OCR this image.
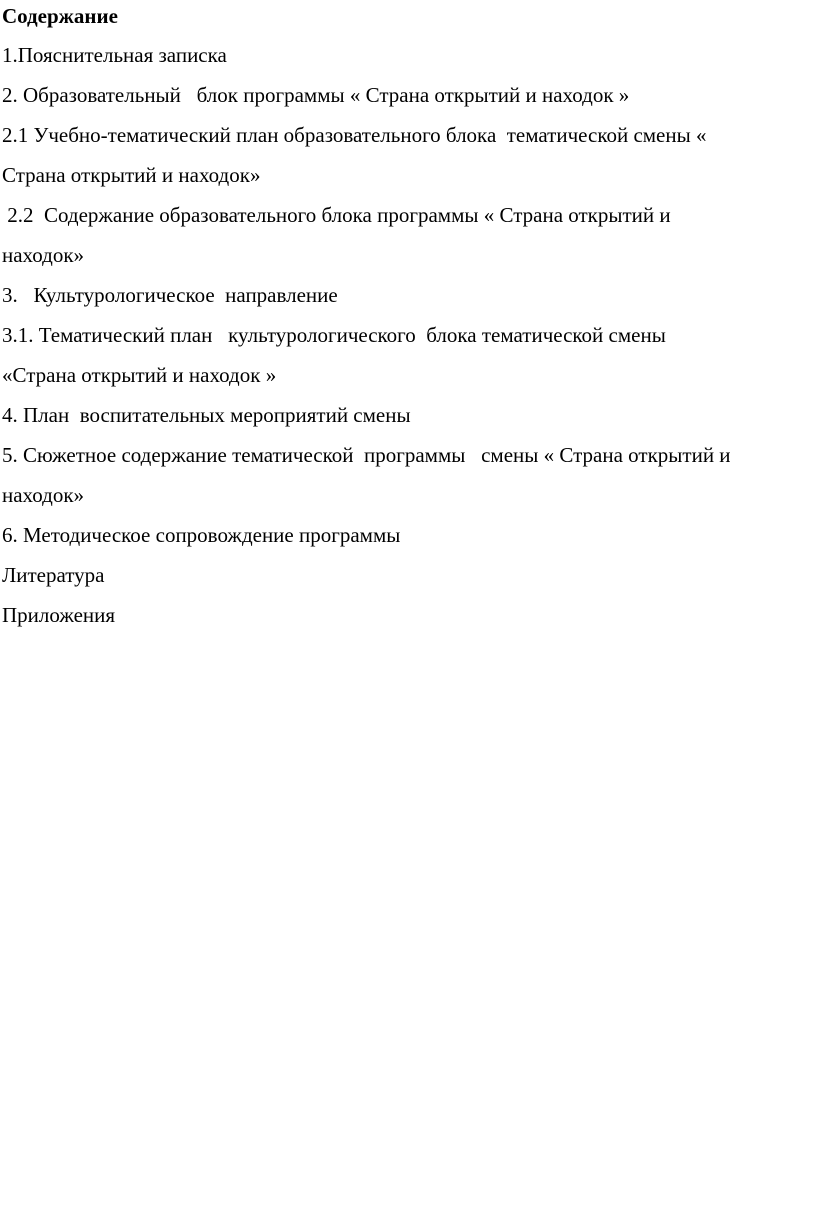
Содержание
1.Пояснительная записка
2. Образовательный   блок программы « Страна открытий и находок »
2.1 Учебно-тематический план образовательного блока  тематической смены «
Страна открытий и находок»
2.2  Содержание образовательного блока программы « Страна открытий и
находок»
3.   Культурологическое  направление
3.1. Тематический план   культурологического  блока тематической смены
«Страна открытий и находок »
4. План  воспитательных мероприятий смены
5. Сюжетное содержание тематической  программы   смены « Страна открытий и
находок»
6. Методическое сопровождение программы
Литература
Приложения
